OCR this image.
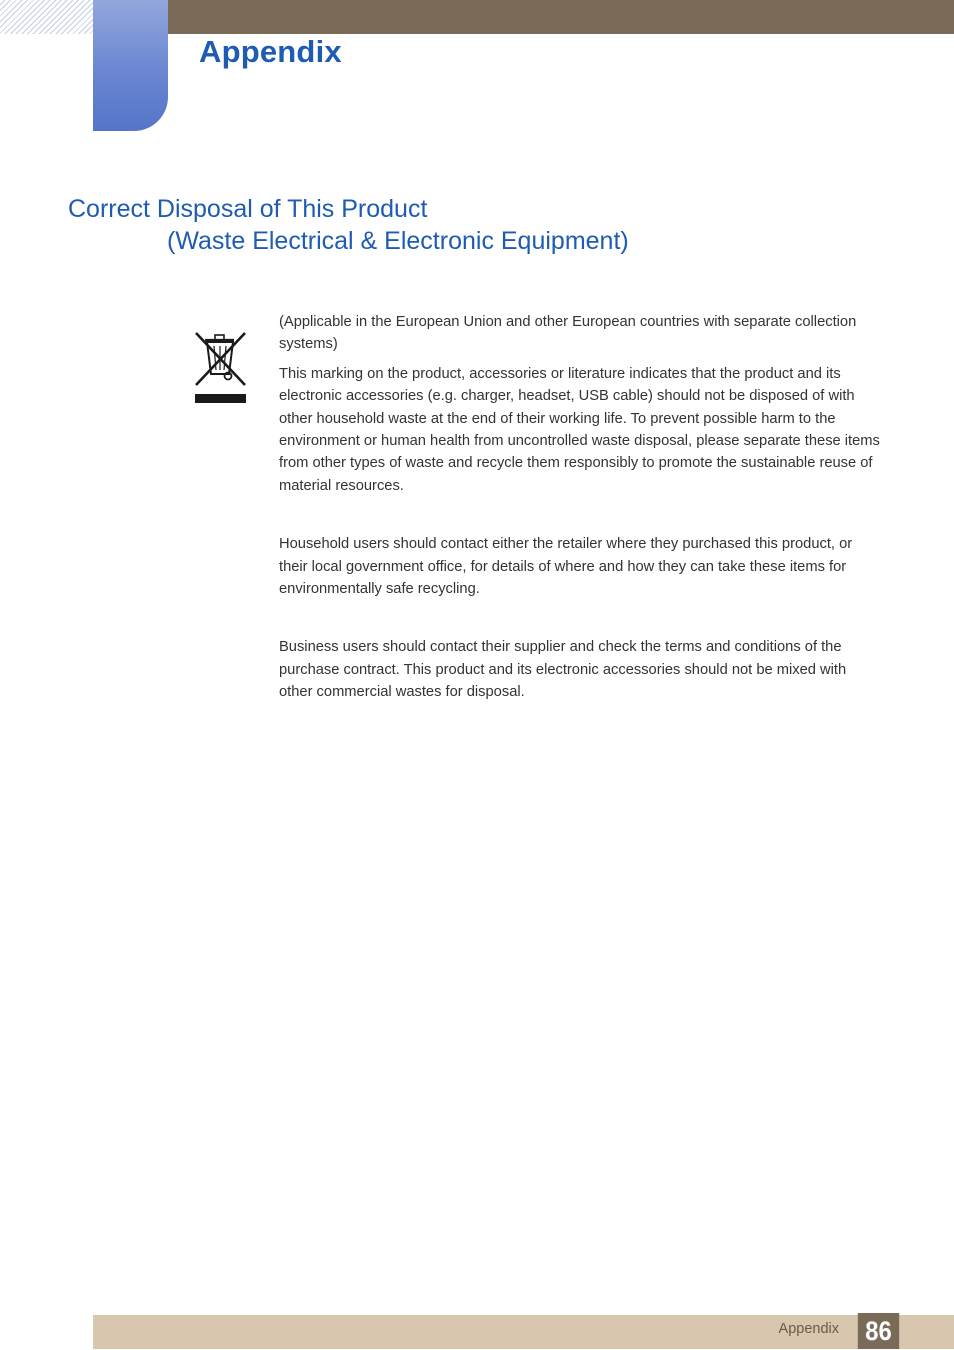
Appendix
Correct Disposal of This Product
(Waste Electrical & Electronic Equipment)

(Applicable in the European Union and other European countries with separate collection systems)

This marking on the product, accessories or literature indicates that the product and its electronic accessories (e.g. charger, headset, USB cable) should not be disposed of with other household waste at the end of their working life. To prevent possible harm to the environment or human health from uncontrolled waste disposal, please separate these items from other types of waste and recycle them responsibly to promote the sustainable reuse of material resources.

Household users should contact either the retailer where they purchased this product, or their local government office, for details of where and how they can take these items for environmentally safe recycling.

Business users should contact their supplier and check the terms and conditions of the purchase contract. This product and its electronic accessories should not be mixed with other commercial wastes for disposal.

Appendix 86
